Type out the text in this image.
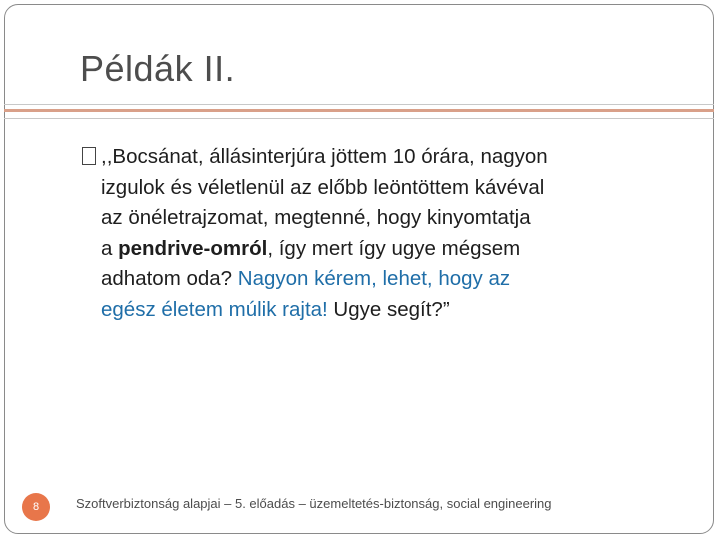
Példák II.
,,Bocsánat, állásinterjúra jöttem 10 órára, nagyon
izgulok és véletlenül az előbb leöntöttem kávéval
az önéletrajzomat, megtenné, hogy kinyomtatja
a pendrive-omról, így mert így ugye mégsem
adhatom oda? Nagyon kérem, lehet, hogy az
egész életem múlik rajta! Ugye segít?”
8	Szoftverbiztonság alapjai – 5. előadás – üzemeltetés-biztonság, social engineering
